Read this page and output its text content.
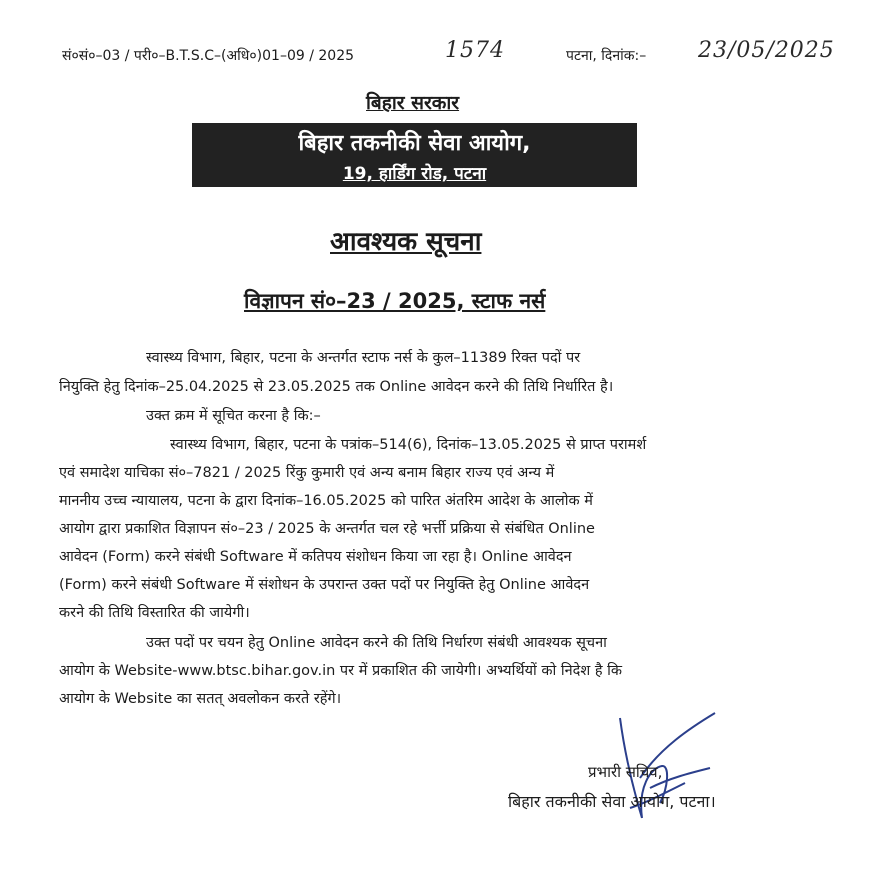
सं०सं०–03 / परी०–B.T.S.C–(अधि०)01–09 / 2025	1574	पटना, दिनांक:– 23/05/2025
बिहार सरकार
बिहार तकनीकी सेवा आयोग,
19, हार्डिंग रोड, पटना
आवश्यक सूचना
विज्ञापन सं०–23 / 2025, स्टाफ नर्स
स्वास्थ्य विभाग, बिहार, पटना के अन्तर्गत स्टाफ नर्स के कुल–11389 रिक्त पदों पर
नियुक्ति हेतु दिनांक–25.04.2025 से 23.05.2025 तक Online आवेदन करने की तिथि निर्धारित है।
उक्त क्रम में सूचित करना है कि:–
स्वास्थ्य विभाग, बिहार, पटना के पत्रांक–514(6), दिनांक–13.05.2025 से प्राप्त परामर्श
एवं समादेश याचिका सं०–7821 / 2025 रिंकु कुमारी एवं अन्य बनाम बिहार राज्य एवं अन्य में
माननीय उच्च न्यायालय, पटना के द्वारा दिनांक–16.05.2025 को पारित अंतरिम आदेश के आलोक में
आयोग द्वारा प्रकाशित विज्ञापन सं०–23 / 2025 के अन्तर्गत चल रहे भर्त्ती प्रक्रिया से संबंधित Online
आवेदन (Form) करने संबंधी Software में कतिपय संशोधन किया जा रहा है। Online आवेदन
(Form) करने संबंधी Software में संशोधन के उपरान्त उक्त पदों पर नियुक्ति हेतु Online आवेदन
करने की तिथि विस्तारित की जायेगी।
उक्त पदों पर चयन हेतु Online आवेदन करने की तिथि निर्धारण संबंधी आवश्यक सूचना
आयोग के Website-www.btsc.bihar.gov.in पर में प्रकाशित की जायेगी। अभ्यर्थियों को निदेश है कि
आयोग के Website का सतत् अवलोकन करते रहेंगे।
प्रभारी सचिव,
बिहार तकनीकी सेवा आयोग, पटना।
